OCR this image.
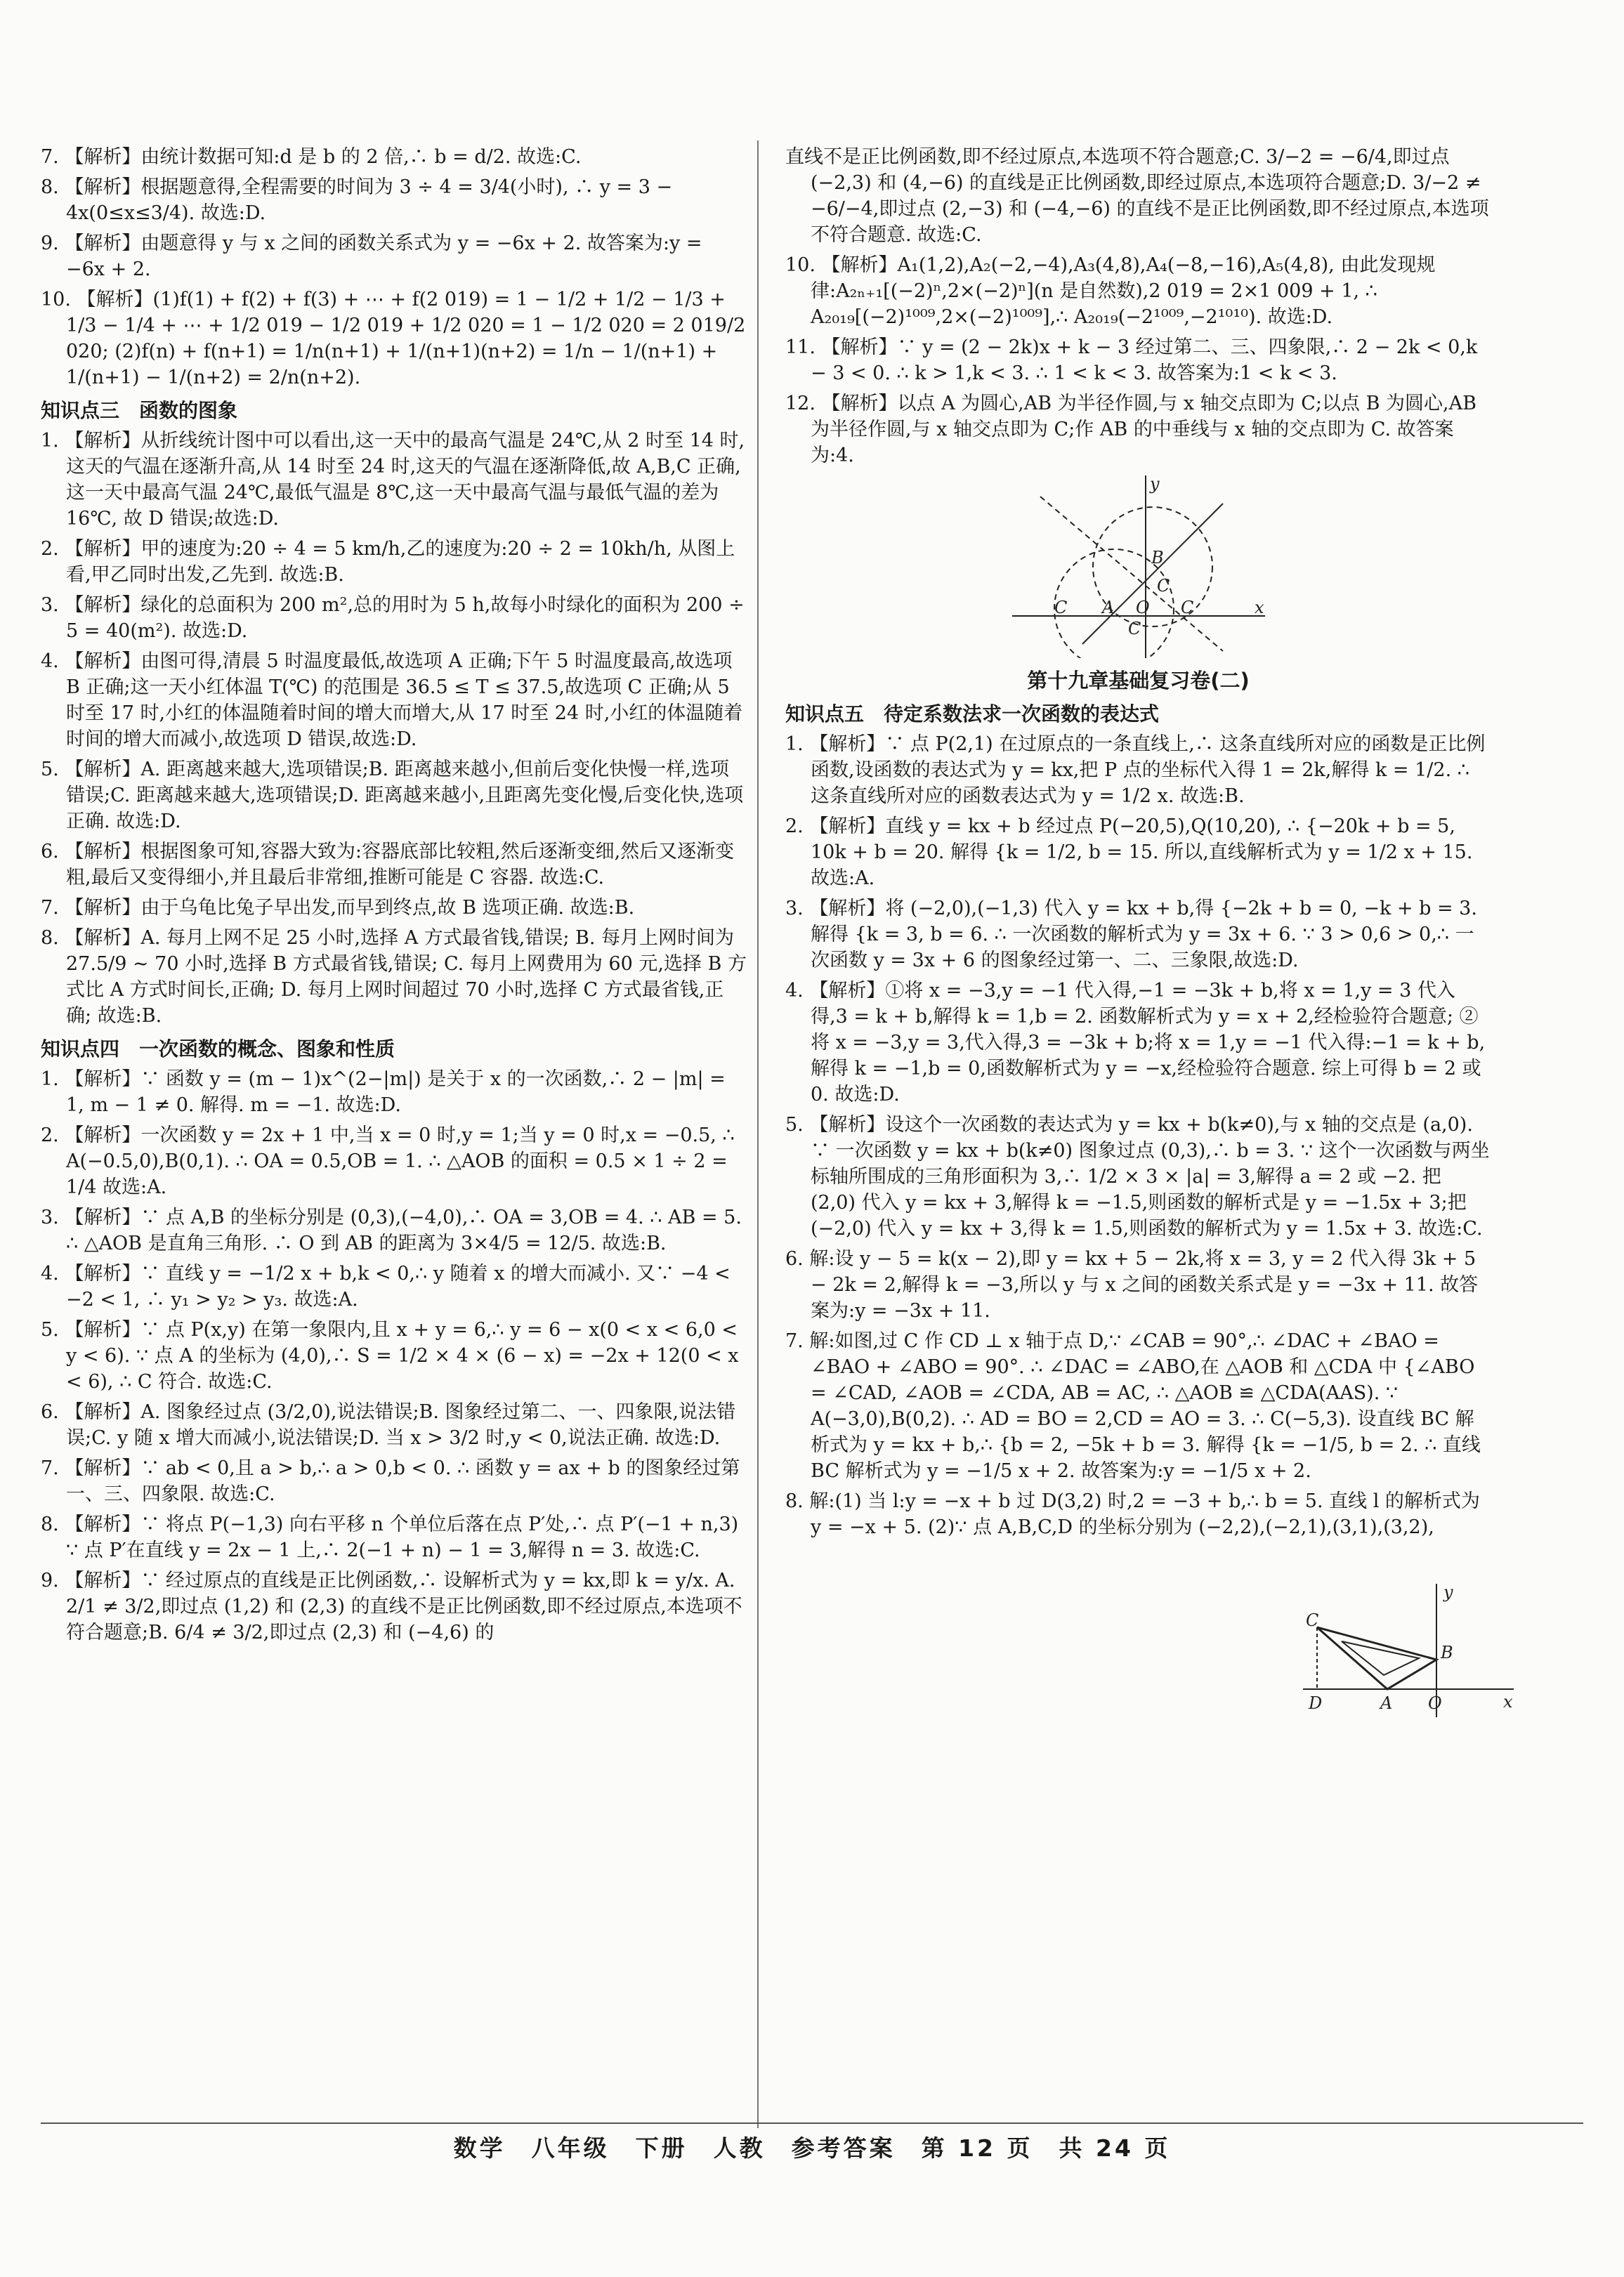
7. 【解析】由统计数据可知:d 是 b 的 2 倍,∴ b = d/2. 故选:C.
8. 【解析】根据题意得,全程需要的时间为 3 ÷ 4 = 3/4(小时), ∴ y = 3 − 4x(0≤x≤3/4). 故选:D.
9. 【解析】由题意得 y 与 x 之间的函数关系式为 y = −6x + 2. 故答案为:y = −6x + 2.
10. 【解析】(1)f(1) + f(2) + f(3) + ⋯ + f(2 019) = 1 − 1/2 + 1/2 − 1/3 + 1/3 − 1/4 + ⋯ + 1/2 019 − 1/2 019 + 1/2 020 = 1 − 1/2 020 = 2 019/2 020; (2)f(n) + f(n+1) = 1/n(n+1) + 1/(n+1)(n+2) = 1/n − 1/(n+1) + 1/(n+1) − 1/(n+2) = 2/n(n+2).
知识点三　函数的图象
1. 【解析】从折线统计图中可以看出,这一天中的最高气温是 24℃,从 2 时至 14 时,这天的气温在逐渐升高,从 14 时至 24 时,这天的气温在逐渐降低,故 A,B,C 正确, 这一天中最高气温 24℃,最低气温是 8℃,这一天中最高气温与最低气温的差为 16℃, 故 D 错误;故选:D.
2. 【解析】甲的速度为:20 ÷ 4 = 5 km/h,乙的速度为:20 ÷ 2 = 10kh/h, 从图上看,甲乙同时出发,乙先到. 故选:B.
3. 【解析】绿化的总面积为 200 m²,总的用时为 5 h,故每小时绿化的面积为 200 ÷ 5 = 40(m²). 故选:D.
4. 【解析】由图可得,清晨 5 时温度最低,故选项 A 正确;下午 5 时温度最高,故选项 B 正确;这一天小红体温 T(℃) 的范围是 36.5 ≤ T ≤ 37.5,故选项 C 正确;从 5 时至 17 时,小红的体温随着时间的增大而增大,从 17 时至 24 时,小红的体温随着时间的增大而减小,故选项 D 错误,故选:D.
5. 【解析】A. 距离越来越大,选项错误;B. 距离越来越小,但前后变化快慢一样,选项错误;C. 距离越来越大,选项错误;D. 距离越来越小,且距离先变化慢,后变化快,选项正确. 故选:D.
6. 【解析】根据图象可知,容器大致为:容器底部比较粗,然后逐渐变细,然后又逐渐变粗,最后又变得细小,并且最后非常细,推断可能是 C 容器. 故选:C.
7. 【解析】由于乌龟比兔子早出发,而早到终点,故 B 选项正确. 故选:B.
8. 【解析】A. 每月上网不足 25 小时,选择 A 方式最省钱,错误; B. 每月上网时间为 27.5/9 ~ 70 小时,选择 B 方式最省钱,错误; C. 每月上网费用为 60 元,选择 B 方式比 A 方式时间长,正确; D. 每月上网时间超过 70 小时,选择 C 方式最省钱,正确; 故选:B.
知识点四　一次函数的概念、图象和性质
1. 【解析】∵ 函数 y = (m − 1)x^(2−|m|) 是关于 x 的一次函数,∴ 2 − |m| = 1, m − 1 ≠ 0. 解得. m = −1. 故选:D.
2. 【解析】一次函数 y = 2x + 1 中,当 x = 0 时,y = 1;当 y = 0 时,x = −0.5, ∴ A(−0.5,0),B(0,1). ∴ OA = 0.5,OB = 1. ∴ △AOB 的面积 = 0.5 × 1 ÷ 2 = 1/4 故选:A.
3. 【解析】∵ 点 A,B 的坐标分别是 (0,3),(−4,0),∴ OA = 3,OB = 4. ∴ AB = 5. ∴ △AOB 是直角三角形. ∴ O 到 AB 的距离为 3×4/5 = 12/5. 故选:B.
4. 【解析】∵ 直线 y = −1/2 x + b,k < 0,∴ y 随着 x 的增大而减小. 又∵ −4 < −2 < 1, ∴ y₁ > y₂ > y₃. 故选:A.
5. 【解析】∵ 点 P(x,y) 在第一象限内,且 x + y = 6,∴ y = 6 − x(0 < x < 6,0 < y < 6). ∵ 点 A 的坐标为 (4,0),∴ S = 1/2 × 4 × (6 − x) = −2x + 12(0 < x < 6), ∴ C 符合. 故选:C.
6. 【解析】A. 图象经过点 (3/2,0),说法错误;B. 图象经过第二、一、四象限,说法错误;C. y 随 x 增大而减小,说法错误;D. 当 x > 3/2 时,y < 0,说法正确. 故选:D.
7. 【解析】∵ ab < 0,且 a > b,∴ a > 0,b < 0. ∴ 函数 y = ax + b 的图象经过第一、三、四象限. 故选:C.
8. 【解析】∵ 将点 P(−1,3) 向右平移 n 个单位后落在点 P′处,∴ 点 P′(−1 + n,3) ∵ 点 P′在直线 y = 2x − 1 上,∴ 2(−1 + n) − 1 = 3,解得 n = 3. 故选:C.
9. 【解析】∵ 经过原点的直线是正比例函数,∴ 设解析式为 y = kx,即 k = y/x. A. 2/1 ≠ 3/2,即过点 (1,2) 和 (2,3) 的直线不是正比例函数,即不经过原点,本选项不符合题意;B. 6/4 ≠ 3/2,即过点 (2,3) 和 (−4,6) 的
直线不是正比例函数,即不经过原点,本选项不符合题意;C. 3/−2 = −6/4,即过点 (−2,3) 和 (4,−6) 的直线是正比例函数,即经过原点,本选项符合题意;D. 3/−2 ≠ −6/−4,即过点 (2,−3) 和 (−4,−6) 的直线不是正比例函数,即不经过原点,本选项不符合题意. 故选:C.
10. 【解析】A₁(1,2),A₂(−2,−4),A₃(4,8),A₄(−8,−16),A₅(4,8), 由此发现规律:A₂ₙ₊₁[(−2)ⁿ,2×(−2)ⁿ](n 是自然数),2 019 = 2×1 009 + 1, ∴ A₂₀₁₉[(−2)¹⁰⁰⁹,2×(−2)¹⁰⁰⁹],∴ A₂₀₁₉(−2¹⁰⁰⁹,−2¹⁰¹⁰). 故选:D.
11. 【解析】∵ y = (2 − 2k)x + k − 3 经过第二、三、四象限,∴ 2 − 2k < 0,k − 3 < 0. ∴ k > 1,k < 3. ∴ 1 < k < 3. 故答案为:1 < k < 3.
12. 【解析】以点 A 为圆心,AB 为半径作圆,与 x 轴交点即为 C;以点 B 为圆心,AB 为半径作圆,与 x 轴交点即为 C;作 AB 的中垂线与 x 轴的交点即为 C. 故答案为:4.
y
x
B
A O
C
C
C
C
第十九章基础复习卷(二)
知识点五　待定系数法求一次函数的表达式
1. 【解析】∵ 点 P(2,1) 在过原点的一条直线上,∴ 这条直线所对应的函数是正比例函数,设函数的表达式为 y = kx,把 P 点的坐标代入得 1 = 2k,解得 k = 1/2. ∴ 这条直线所对应的函数表达式为 y = 1/2 x. 故选:B.
2. 【解析】直线 y = kx + b 经过点 P(−20,5),Q(10,20), ∴ {−20k + b = 5, 10k + b = 20. 解得 {k = 1/2, b = 15. 所以,直线解析式为 y = 1/2 x + 15. 故选:A.
3. 【解析】将 (−2,0),(−1,3) 代入 y = kx + b,得 {−2k + b = 0, −k + b = 3. 解得 {k = 3, b = 6. ∴ 一次函数的解析式为 y = 3x + 6. ∵ 3 > 0,6 > 0,∴ 一次函数 y = 3x + 6 的图象经过第一、二、三象限,故选:D.
4. 【解析】①将 x = −3,y = −1 代入得,−1 = −3k + b,将 x = 1,y = 3 代入得,3 = k + b,解得 k = 1,b = 2. 函数解析式为 y = x + 2,经检验符合题意; ②将 x = −3,y = 3,代入得,3 = −3k + b;将 x = 1,y = −1 代入得:−1 = k + b,解得 k = −1,b = 0,函数解析式为 y = −x,经检验符合题意. 综上可得 b = 2 或 0. 故选:D.
5. 【解析】设这个一次函数的表达式为 y = kx + b(k≠0),与 x 轴的交点是 (a,0). ∵ 一次函数 y = kx + b(k≠0) 图象过点 (0,3),∴ b = 3. ∵ 这个一次函数与两坐标轴所围成的三角形面积为 3,∴ 1/2 × 3 × |a| = 3,解得 a = 2 或 −2. 把 (2,0) 代入 y = kx + 3,解得 k = −1.5,则函数的解析式是 y = −1.5x + 3;把 (−2,0) 代入 y = kx + 3,得 k = 1.5,则函数的解析式为 y = 1.5x + 3. 故选:C.
6. 解:设 y − 5 = k(x − 2),即 y = kx + 5 − 2k,将 x = 3, y = 2 代入得 3k + 5 − 2k = 2,解得 k = −3,所以 y 与 x 之间的函数关系式是 y = −3x + 11. 故答案为:y = −3x + 11.
7. 解:如图,过 C 作 CD ⊥ x 轴于点 D,∵ ∠CAB = 90°,∴ ∠DAC + ∠BAO = ∠BAO + ∠ABO = 90°. ∴ ∠DAC = ∠ABO,在 △AOB 和 △CDA 中 {∠ABO = ∠CAD, ∠AOB = ∠CDA, AB = AC, ∴ △AOB ≌ △CDA(AAS). ∵ A(−3,0),B(0,2). ∴ AD = BO = 2,CD = AO = 3. ∴ C(−5,3). 设直线 BC 解析式为 y = kx + b,∴ {b = 2, −5k + b = 3. 解得 {k = −1/5, b = 2. ∴ 直线 BC 解析式为 y = −1/5 x + 2. 故答案为:y = −1/5 x + 2.
8. 解:(1) 当 l:y = −x + b 过 D(3,2) 时,2 = −3 + b,∴ b = 5. 直线 l 的解析式为 y = −x + 5. (2)∵ 点 A,B,C,D 的坐标分别为 (−2,2),(−2,1),(3,1),(3,2),
C
B
D	A O
y
x
数学　八年级　下册　人教　参考答案　第 12 页　共 24 页
